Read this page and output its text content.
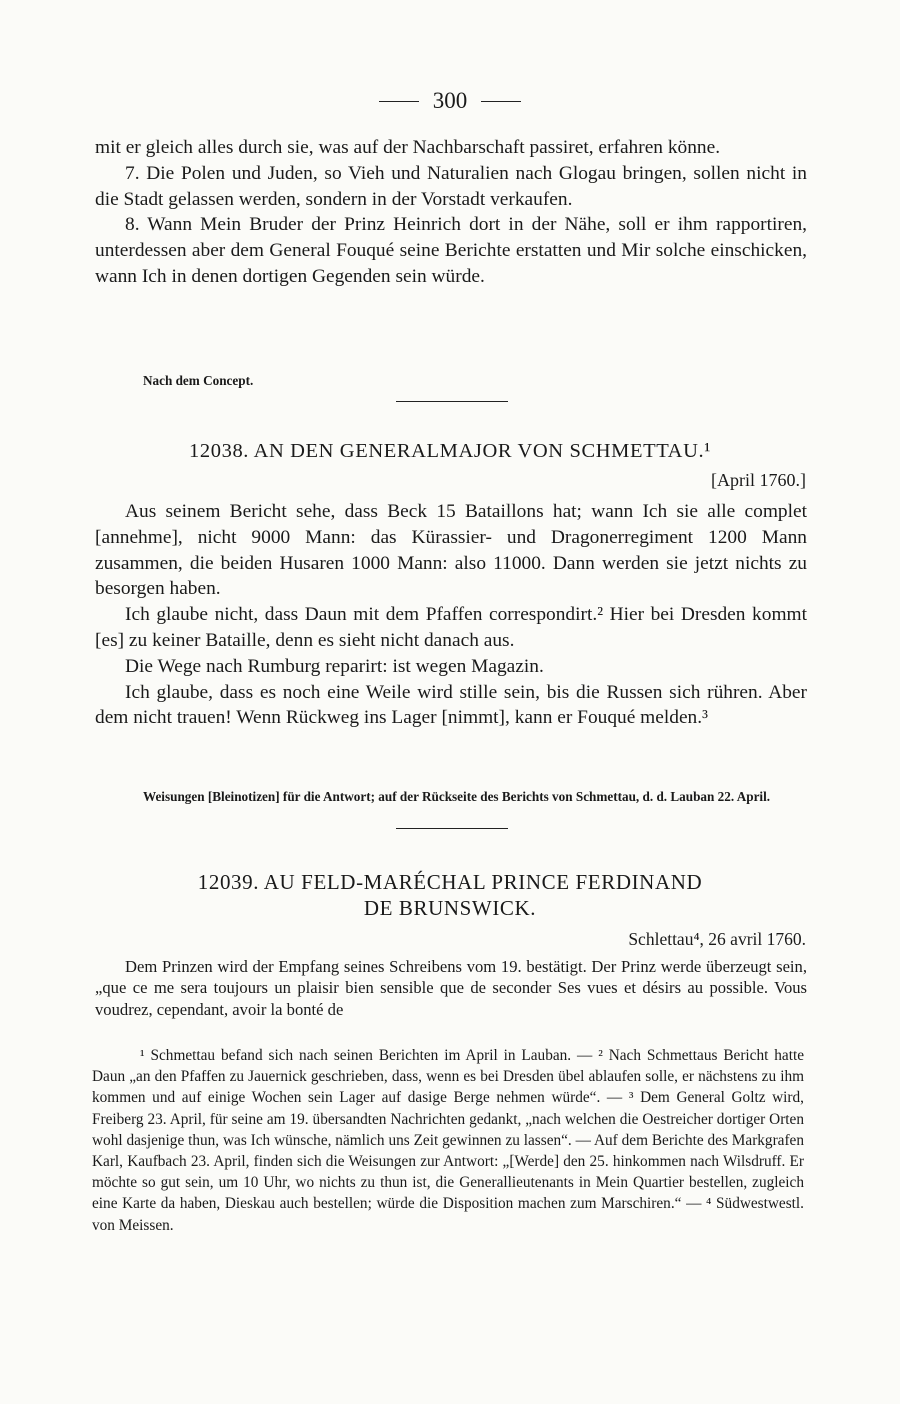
300

mit er gleich alles durch sie, was auf der Nachbarschaft passiret, erfahren könne.

7. Die Polen und Juden, so Vieh und Naturalien nach Glogau bringen, sollen nicht in die Stadt gelassen werden, sondern in der Vorstadt verkaufen.

8. Wann Mein Bruder der Prinz Heinrich dort in der Nähe, soll er ihm rapportiren, unterdessen aber dem General Fouqué seine Berichte erstatten und Mir solche einschicken, wann Ich in denen dortigen Gegenden sein würde.

Nach dem Concept.
12038. AN DEN GENERALMAJOR VON SCHMETTAU.¹
[April 1760.]

Aus seinem Bericht sehe, dass Beck 15 Bataillons hat; wann Ich sie alle complet [annehme], nicht 9000 Mann: das Kürassier- und Dragonerregiment 1200 Mann zusammen, die beiden Husaren 1000 Mann: also 11000. Dann werden sie jetzt nichts zu besorgen haben.

Ich glaube nicht, dass Daun mit dem Pfaffen correspondirt.² Hier bei Dresden kommt [es] zu keiner Bataille, denn es sieht nicht danach aus.

Die Wege nach Rumburg reparirt: ist wegen Magazin.

Ich glaube, dass es noch eine Weile wird stille sein, bis die Russen sich rühren. Aber dem nicht trauen! Wenn Rückweg ins Lager [nimmt], kann er Fouqué melden.³

Weisungen [Bleinotizen] für die Antwort; auf der Rückseite des Berichts von Schmettau, d. d. Lauban 22. April.
12039. AU FELD-MARÉCHAL PRINCE FERDINAND
DE BRUNSWICK.
Schlettau⁴, 26 avril 1760.

Dem Prinzen wird der Empfang seines Schreibens vom 19. bestätigt. Der Prinz werde überzeugt sein, „que ce me sera toujours un plaisir bien sensible que de seconder Ses vues et désirs au possible. Vous voudrez, cependant, avoir la bonté de

¹ Schmettau befand sich nach seinen Berichten im April in Lauban. — ² Nach Schmettaus Bericht hatte Daun „an den Pfaffen zu Jauernick geschrieben, dass, wenn es bei Dresden übel ablaufen solle, er nächstens zu ihm kommen und auf einige Wochen sein Lager auf dasige Berge nehmen würde“. — ³ Dem General Goltz wird, Freiberg 23. April, für seine am 19. übersandten Nachrichten gedankt, „nach welchen die Oestreicher dortiger Orten wohl dasjenige thun, was Ich wünsche, nämlich uns Zeit gewinnen zu lassen“. — Auf dem Berichte des Markgrafen Karl, Kaufbach 23. April, finden sich die Weisungen zur Antwort: „[Werde] den 25. hinkommen nach Wilsdruff. Er möchte so gut sein, um 10 Uhr, wo nichts zu thun ist, die Generallieutenants in Mein Quartier bestellen, zugleich eine Karte da haben, Dieskau auch bestellen; würde die Disposition machen zum Marschiren.“ — ⁴ Südwestwestl. von Meissen.
